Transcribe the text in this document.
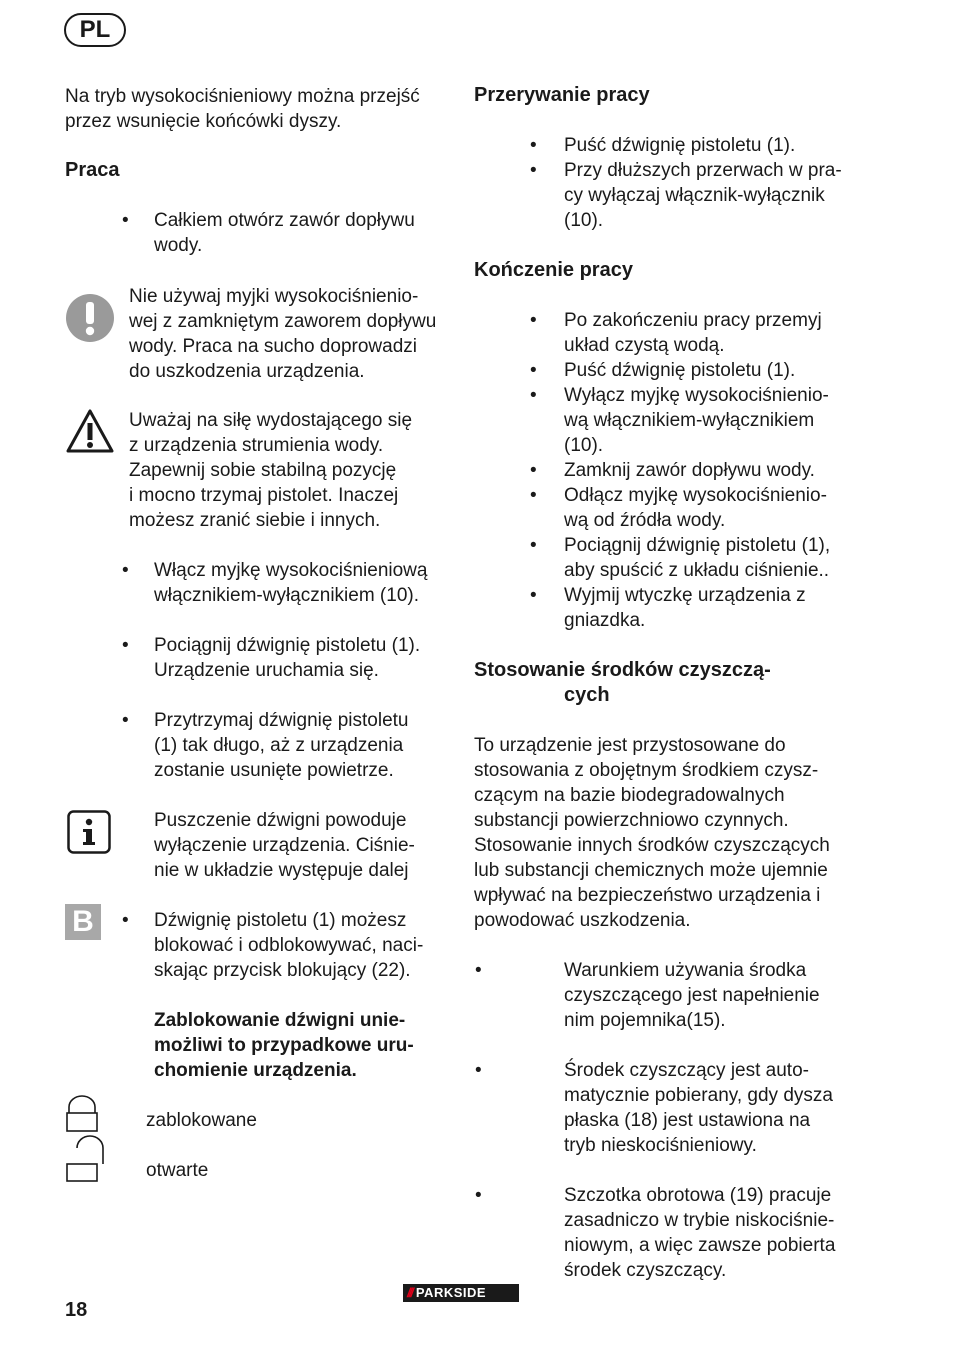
PL
Na tryb wysokociśnieniowy można przejść
przez wsunięcie końcówki dyszy.
Praca
• Całkiem otwórz zawór dopływu
wody.
Nie używaj myjki wysokociśnienio-
wej z zamkniętym zaworem dopływu
wody. Praca na sucho doprowadzi
do uszkodzenia urządzenia.
Uważaj na siłę wydostającego się
z urządzenia strumienia wody.
Zapewnij sobie stabilną pozycję
i mocno trzymaj pistolet. Inaczej
możesz zranić siebie i innych.
• Włącz myjkę wysokociśnieniową
włącznikiem-wyłącznikiem (10).
• Pociągnij dźwignię pistoletu (1).
Urządzenie uruchamia się.
• Przytrzymaj dźwignię pistoletu
(1) tak długo, aż z urządzenia
zostanie usunięte powietrze.
Puszczenie dźwigni powoduje
wyłączenie urządzenia. Ciśnie-
nie w układzie występuje dalej
B	• Dźwignię pistoletu (1) możesz
blokować i odblokowywać, naci-
skając przycisk blokujący (22).
Zablokowanie dźwigni unie-
możliwi to przypadkowe uru-
chomienie urządzenia.
zablokowane
otwarte
Przerywanie pracy
• Puść dźwignię pistoletu (1).
• Przy dłuższych przerwach w pra-
cy wyłączaj włącznik-wyłącznik
(10).
Kończenie pracy
• Po zakończeniu pracy przemyj
układ czystą wodą.
• Puść dźwignię pistoletu (1).
• Wyłącz myjkę wysokociśnienio-
wą włącznikiem-wyłącznikiem
(10).
• Zamknij zawór dopływu wody.
• Odłącz myjkę wysokociśnienio-
wą od źródła wody.
• Pociągnij dźwignię pistoletu (1),
aby spuścić z układu ciśnienie..
• Wyjmij wtyczkę urządzenia z
gniazdka.
Stosowanie środków czyszczą-
cych
To urządzenie jest przystosowane do
stosowania z obojętnym środkiem czysz-
czącym na bazie biodegradowalnych
substancji powierzchniowo czynnych.
Stosowanie innych środków czyszczących
lub substancji chemicznych może ujemnie
wpływać na bezpieczeństwo urządzenia i
powodować uszkodzenia.
•	Warunkiem używania środka
czyszczącego jest napełnienie
nim pojemnika(15).
•	Środek czyszczący jest auto-
matycznie pobierany, gdy dysza
płaska (18) jest ustawiona na
tryb nieskociśnieniowy.
•	Szczotka obrotowa (19) pracuje
zasadniczo w trybie niskociśnie-
niowym, a więc zawsze pobierta
środek czyszczący.
18
/// PARKSIDE
